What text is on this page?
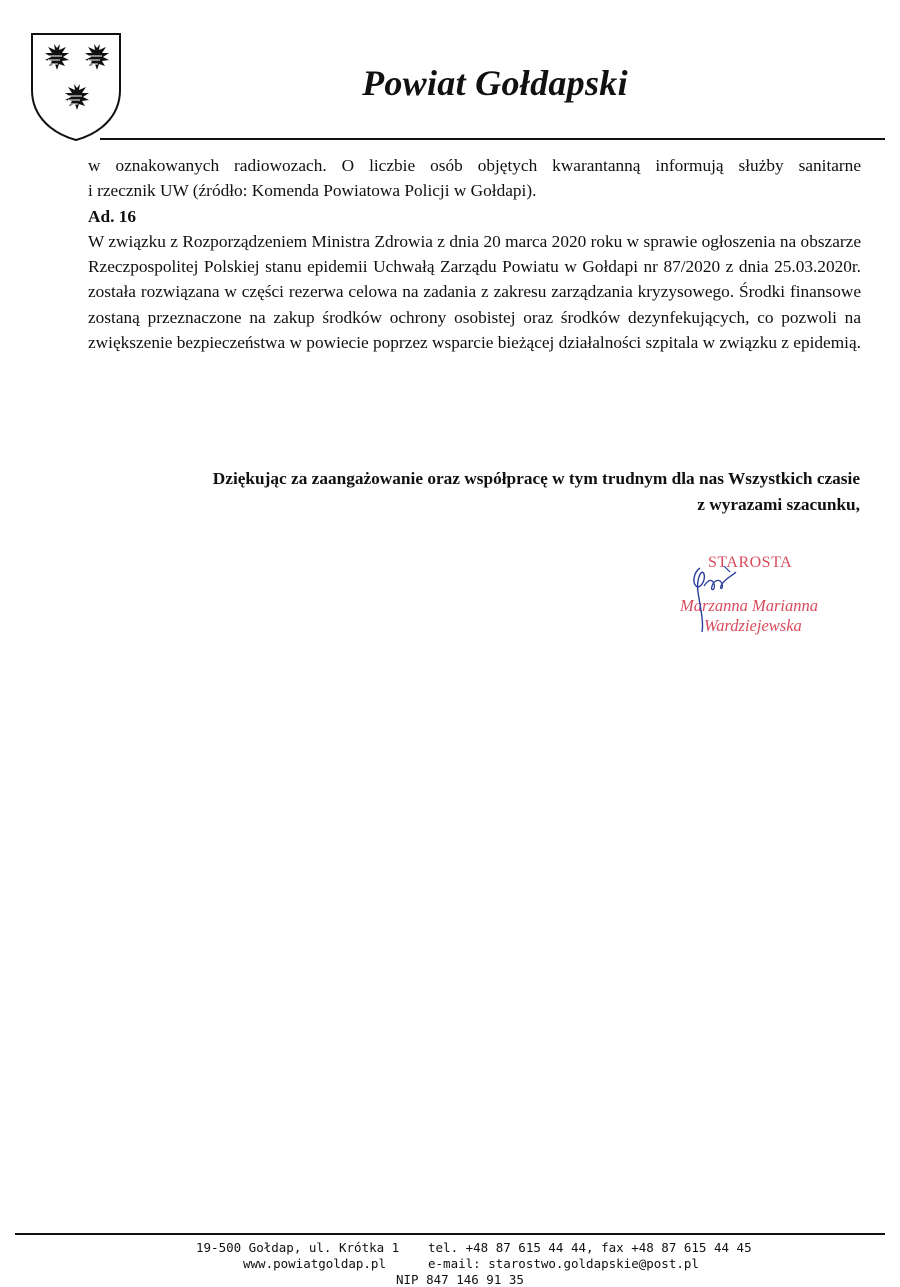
Powiat Gołdapski

w oznakowanych radiowozach. O liczbie osób objętych kwarantanną informują służby sanitarne

i rzecznik UW (źródło: Komenda Powiatowa Policji w Gołdapi).

Ad. 16

W związku z Rozporządzeniem Ministra Zdrowia z dnia 20 marca 2020 roku w sprawie ogłoszenia na obszarze Rzeczpospolitej Polskiej stanu epidemii Uchwałą Zarządu Powiatu w Gołdapi nr 87/2020 z dnia 25.03.2020r. została rozwiązana w części rezerwa celowa na zadania z zakresu zarządzania kryzysowego. Środki finansowe zostaną przeznaczone na zakup środków ochrony osobistej oraz środków dezynfekujących, co pozwoli na zwiększenie bezpieczeństwa w powiecie poprzez wsparcie bieżącej działalności szpitala w związku z epidemią.

Dziękując za zaangażowanie oraz współpracę w tym trudnym dla nas Wszystkich czasie

z wyrazami szacunku,

STAROSTA
Marzanna Marianna
Wardziejewska

19-500 Gołdap, ul. Krótka 1

www.powiatgoldap.pl

tel. +48 87 615 44 44, fax +48 87 615 44 45

e-mail: starostwo.goldapskie@post.pl

NIP 847 146 91 35
